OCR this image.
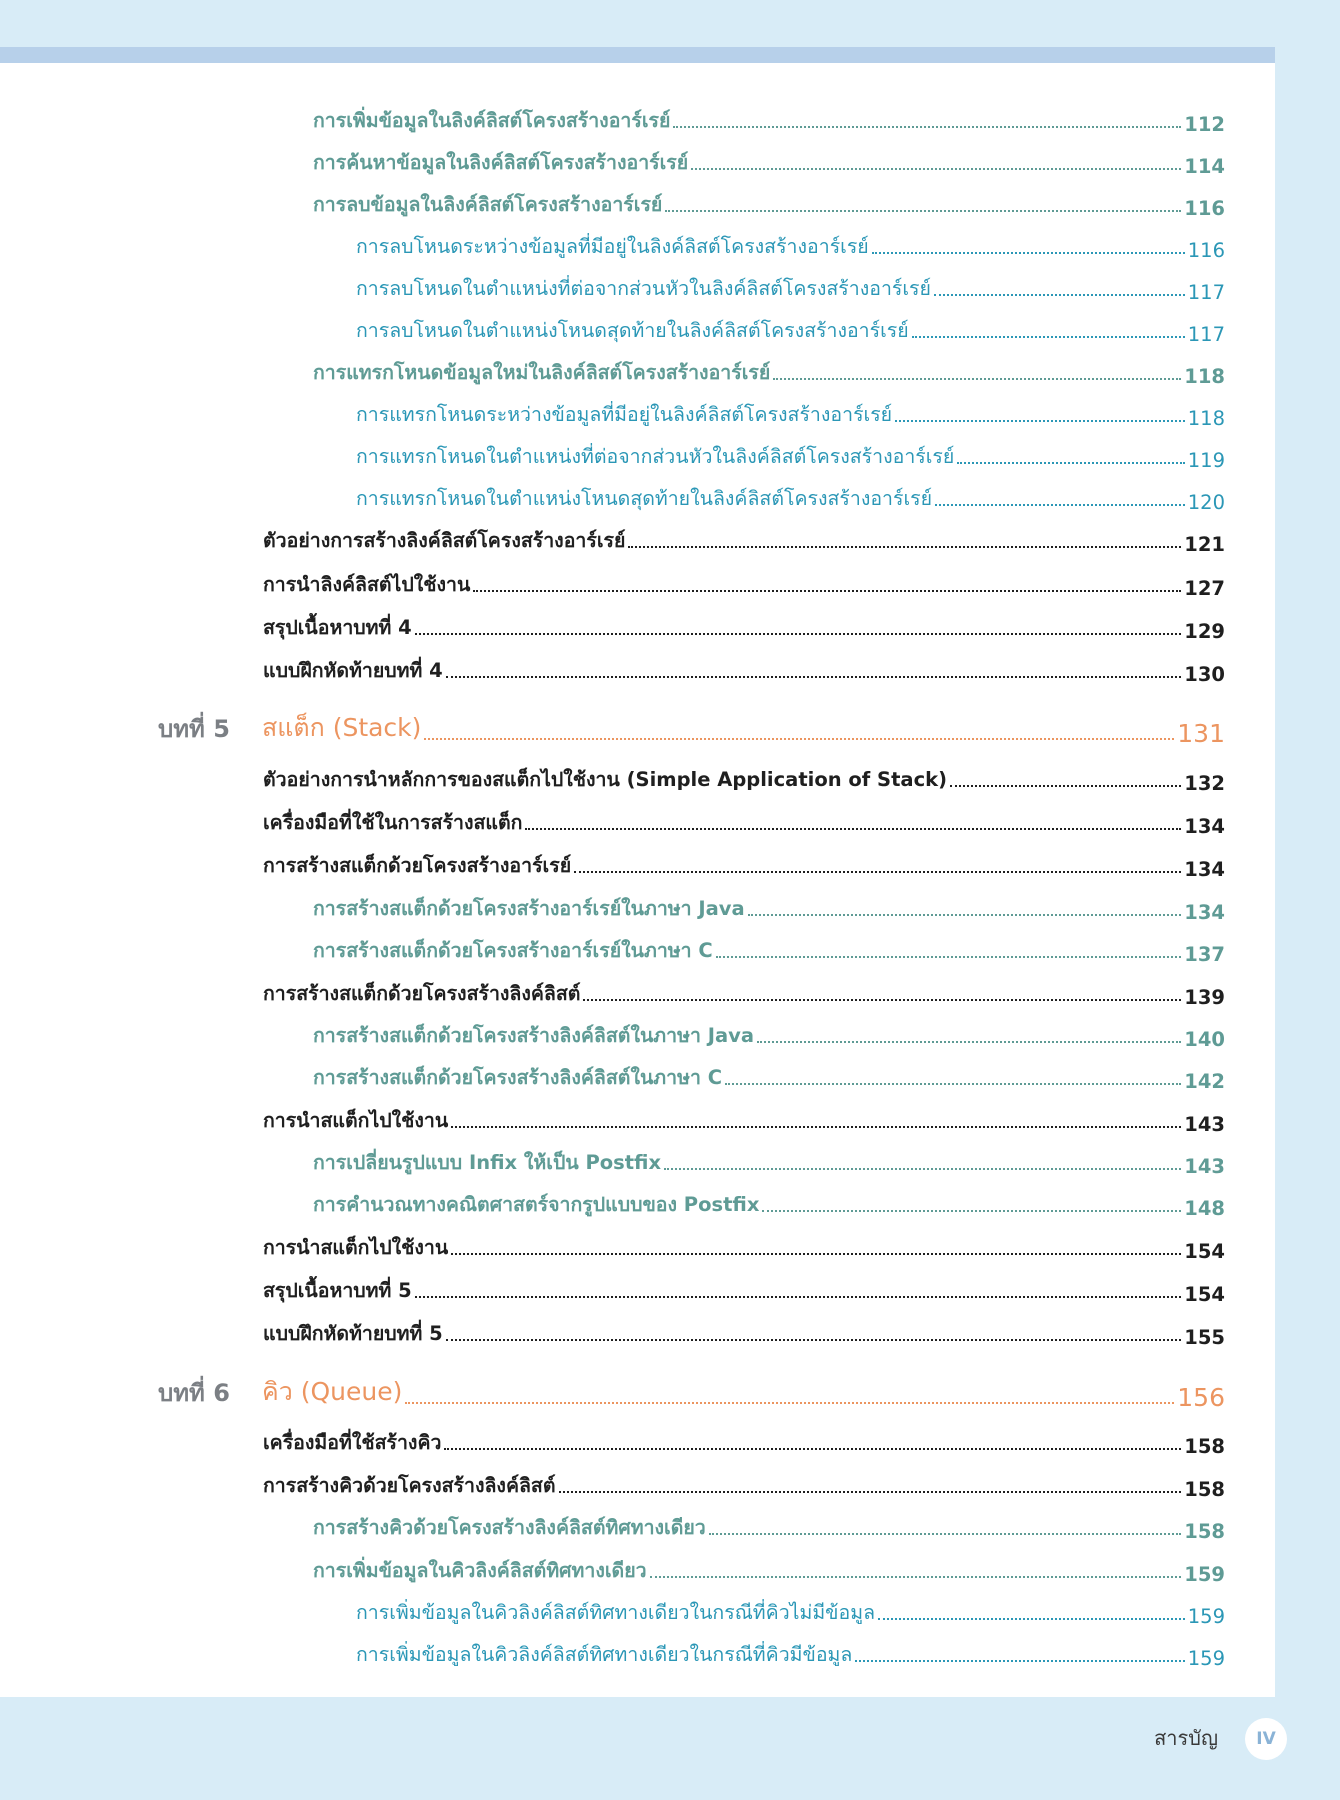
การเพิ่มข้อมูลในลิงค์ลิสต์โครงสร้างอาร์เรย์	112
การค้นหาข้อมูลในลิงค์ลิสต์โครงสร้างอาร์เรย์	114
การลบข้อมูลในลิงค์ลิสต์โครงสร้างอาร์เรย์	116
การลบโหนดระหว่างข้อมูลที่มีอยู่ในลิงค์ลิสต์โครงสร้างอาร์เรย์	116
การลบโหนดในตำแหน่งที่ต่อจากส่วนหัวในลิงค์ลิสต์โครงสร้างอาร์เรย์	117
การลบโหนดในตำแหน่งโหนดสุดท้ายในลิงค์ลิสต์โครงสร้างอาร์เรย์	117
การแทรกโหนดข้อมูลใหม่ในลิงค์ลิสต์โครงสร้างอาร์เรย์	118
การแทรกโหนดระหว่างข้อมูลที่มีอยู่ในลิงค์ลิสต์โครงสร้างอาร์เรย์	118
การแทรกโหนดในตำแหน่งที่ต่อจากส่วนหัวในลิงค์ลิสต์โครงสร้างอาร์เรย์	119
การแทรกโหนดในตำแหน่งโหนดสุดท้ายในลิงค์ลิสต์โครงสร้างอาร์เรย์	120
ตัวอย่างการสร้างลิงค์ลิสต์โครงสร้างอาร์เรย์	121
การนำลิงค์ลิสต์ไปใช้งาน	127
สรุปเนื้อหาบทที่ 4	129
แบบฝึกหัดท้ายบทที่ 4	130
บทที่ 5 สแต็ก (Stack)	131
ตัวอย่างการนำหลักการของสแต็กไปใช้งาน (Simple Application of Stack)	132
เครื่องมือที่ใช้ในการสร้างสแต็ก	134
การสร้างสแต็กด้วยโครงสร้างอาร์เรย์	134
การสร้างสแต็กด้วยโครงสร้างอาร์เรย์ในภาษา Java	134
การสร้างสแต็กด้วยโครงสร้างอาร์เรย์ในภาษา C	137
การสร้างสแต็กด้วยโครงสร้างลิงค์ลิสต์	139
การสร้างสแต็กด้วยโครงสร้างลิงค์ลิสต์ในภาษา Java	140
การสร้างสแต็กด้วยโครงสร้างลิงค์ลิสต์ในภาษา C	142
การนำสแต็กไปใช้งาน	143
การเปลี่ยนรูปแบบ Infix ให้เป็น Postfix	143
การคำนวณทางคณิตศาสตร์จากรูปแบบของ Postfix	148
การนำสแต็กไปใช้งาน	154
สรุปเนื้อหาบทที่ 5	154
แบบฝึกหัดท้ายบทที่ 5	155
บทที่ 6 คิว (Queue)	156
เครื่องมือที่ใช้สร้างคิว	158
การสร้างคิวด้วยโครงสร้างลิงค์ลิสต์	158
การสร้างคิวด้วยโครงสร้างลิงค์ลิสต์ทิศทางเดียว	158
การเพิ่มข้อมูลในคิวลิงค์ลิสต์ทิศทางเดียว	159
การเพิ่มข้อมูลในคิวลิงค์ลิสต์ทิศทางเดียวในกรณีที่คิวไม่มีข้อมูล	159
การเพิ่มข้อมูลในคิวลิงค์ลิสต์ทิศทางเดียวในกรณีที่คิวมีข้อมูล	159
สารบัญ	IV
